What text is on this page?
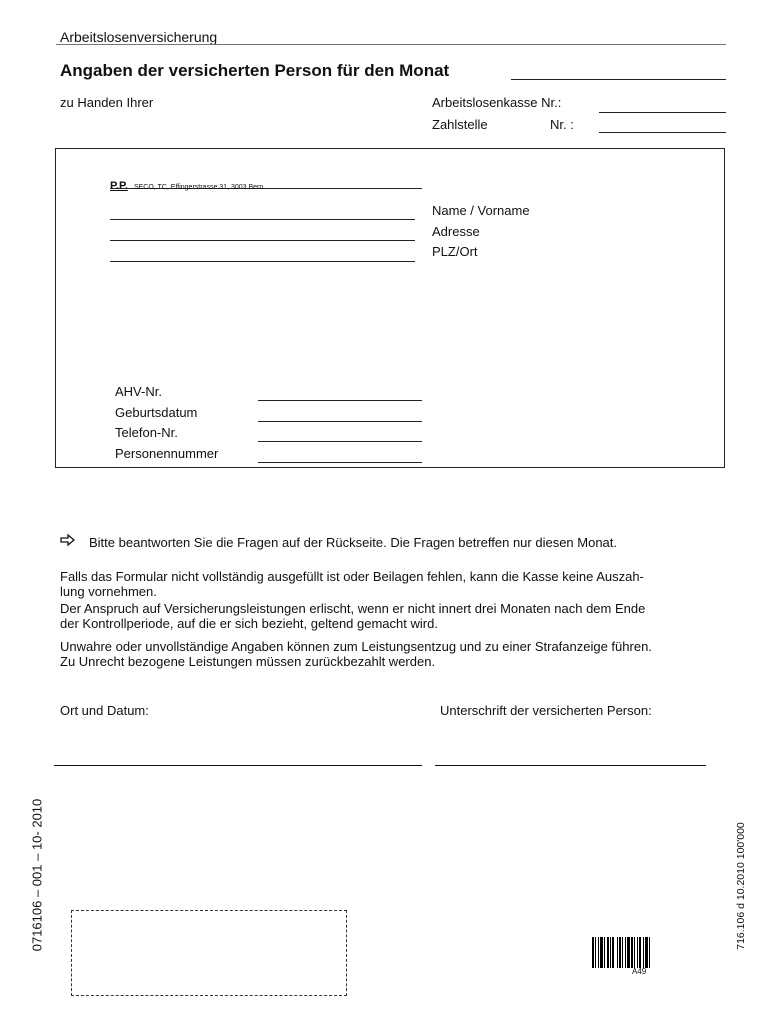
Arbeitslosenversicherung
Angaben der versicherten Person für den Monat
zu Handen Ihrer	Arbeitslosenkasse Nr.:
Zahlstelle	Nr. :
P.P. SECO, TC, Effingerstrasse 31, 3003 Bern
Name / Vorname
Adresse
PLZ/Ort
AHV-Nr.
Geburtsdatum
Telefon-Nr.
Personennummer
Bitte beantworten Sie die Fragen auf der Rückseite. Die Fragen betreffen nur diesen Monat.
Falls das Formular nicht vollständig ausgefüllt ist oder Beilagen fehlen, kann die Kasse keine Auszah-
lung vornehmen.
Der Anspruch auf Versicherungsleistungen erlischt, wenn er nicht innert drei Monaten nach dem Ende
der Kontrollperiode, auf die er sich bezieht, geltend gemacht wird.
Unwahre oder unvollständige Angaben können zum Leistungsentzug und zu einer Strafanzeige führen.
Zu Unrecht bezogene Leistungen müssen zurückbezahlt werden.
Ort und Datum:	Unterschrift der versicherten Person:
0716106 – 001 – 10- 2010	716.106 d 10.2010 100'000
A49
